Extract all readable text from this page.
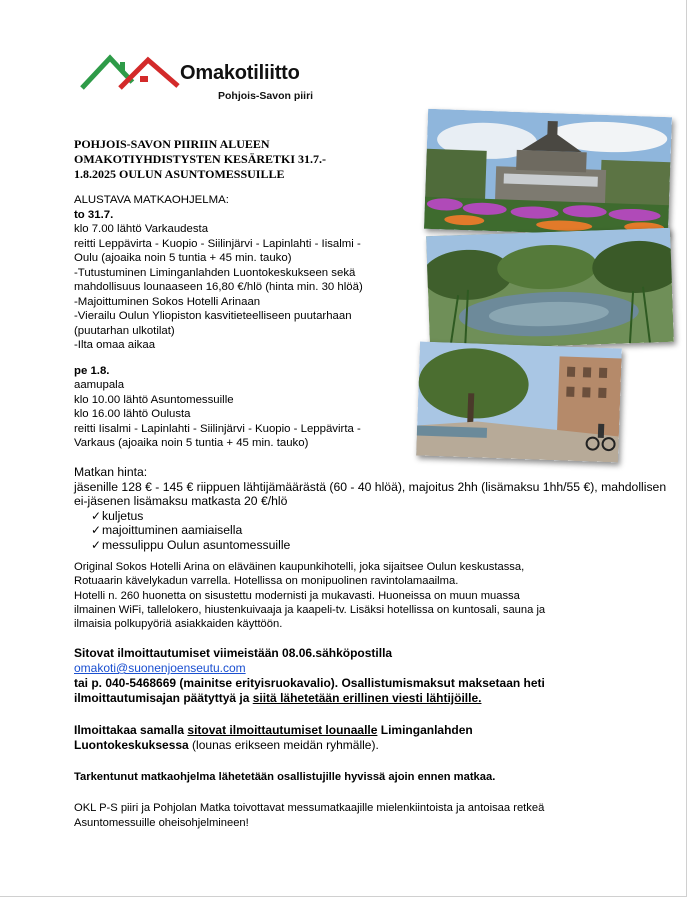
Omakotiliitto
Pohjois-Savon piiri
POHJOIS-SAVON PIIRIIN ALUEEN
OMAKOTIYHDISTYSTEN KESÄRETKI 31.7.-
1.8.2025 OULUN ASUNTOMESSUILLE
ALUSTAVA MATKAOHJELMA:
to 31.7.
klo 7.00 lähtö Varkaudesta
reitti Leppävirta - Kuopio - Siilinjärvi - Lapinlahti - Iisalmi -
Oulu (ajoaika noin 5 tuntia + 45 min. tauko)
-Tutustuminen Liminganlahden Luontokeskukseen sekä
mahdollisuus lounaaseen 16,80 €/hlö (hinta min. 30 hlöä)
-Majoittuminen Sokos Hotelli Arinaan
-Vierailu Oulun Yliopiston kasvitieteelliseen puutarhaan
(puutarhan ulkotilat)
-Ilta omaa aikaa
pe 1.8.
aamupala
klo 10.00 lähtö Asuntomessuille
klo 16.00 lähtö Oulusta
reitti Iisalmi - Lapinlahti - Siilinjärvi - Kuopio - Leppävirta -
Varkaus (ajoaika noin 5 tuntia + 45 min. tauko)
Matkan hinta:
jäsenille 128 € - 145 € riippuen lähtijämäärästä (60 - 40 hlöä), majoitus 2hh (lisämaksu 1hh/55 €), mahdollisen ei-jäsenen lisämaksu matkasta 20 €/hlö
✓ kuljetus
✓ majoittuminen aamiaisella
✓ messulippu Oulun asuntomessuille
Original Sokos Hotelli Arina on eläväinen kaupunkihotelli, joka sijaitsee Oulun keskustassa,
Rotuaarin kävelykadun varrella. Hotellissa on monipuolinen ravintolamaailma.
Hotelli n. 260 huonetta on sisustettu modernisti ja mukavasti. Huoneissa on muun muassa
ilmainen WiFi, tallelokero, hiustenkuivaaja ja kaapeli-tv. Lisäksi hotellissa on kuntosali, sauna ja
ilmaisia polkupyöriä asiakkaiden käyttöön.
Sitovat ilmoittautumiset viimeistään 08.06.sähköpostilla
omakoti@suonenjoenseutu.com
tai p. 040-5468669 (mainitse erityisruokavalio). Osallistumismaksut maksetaan heti
ilmoittautumisajan päätyttyä ja siitä lähetetään erillinen viesti lähtijöille.
Ilmoittakaa samalla sitovat ilmoittautumiset lounaalle Liminganlahden
Luontokeskuksessa (lounas erikseen meidän ryhmälle).
Tarkentunut matkaohjelma lähetetään osallistujille hyvissä ajoin ennen matkaa.
OKL P-S piiri ja Pohjolan Matka toivottavat messumatkaajille mielenkiintoista ja antoisaa retkeä
Asuntomessuille oheisohjelmineen!
